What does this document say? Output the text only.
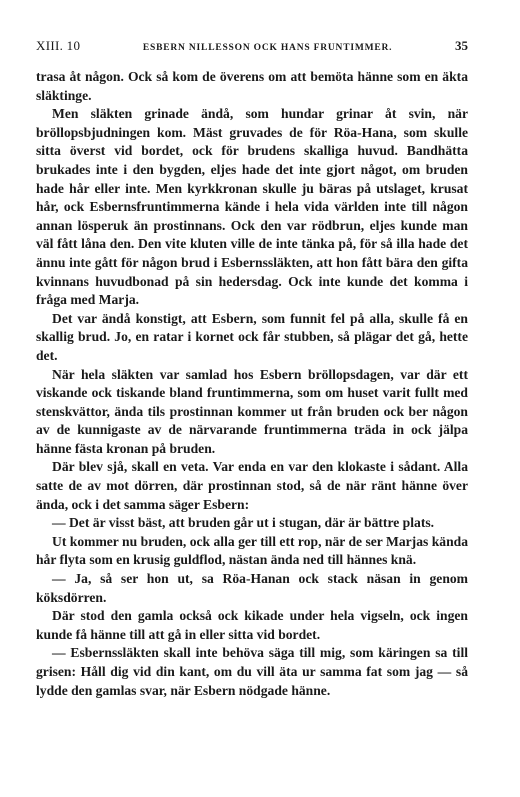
XIII. 10	ESBERN NILLESSON OCK HANS FRUNTIMMER.	35

trasa åt någon. Ock så kom de överens om att bemöta hänne som en äkta släktinge.

Men släkten grinade ändå, som hundar grinar åt svin, när bröllopsbjudningen kom. Mäst gruvades de för Röa-Hana, som skulle sitta överst vid bordet, ock för brudens skalliga huvud. Bandhätta brukades inte i den bygden, eljes hade det inte gjort något, om bruden hade hår eller inte. Men kyrkkronan skulle ju bäras på utslaget, krusat hår, ock Esbernsfruntimmerna kände i hela vida världen inte till någon annan lösperuk än prostinnans. Ock den var rödbrun, eljes kunde man väl fått låna den. Den vite kluten ville de inte tänka på, för så illa hade det ännu inte gått för någon brud i Esbernssläkten, att hon fått bära den gifta kvinnans huvudbonad på sin hedersdag. Ock inte kunde det komma i fråga med Marja.

Det var ändå konstigt, att Esbern, som funnit fel på alla, skulle få en skallig brud. Jo, en ratar i kornet ock får stubben, så plägar det gå, hette det.

När hela släkten var samlad hos Esbern bröllopsdagen, var där ett viskande ock tiskande bland fruntimmerna, som om huset varit fullt med stenskvättor, ända tils prostinnan kommer ut från bruden ock ber någon av de kunnigaste av de närvarande fruntimmerna träda in ock jälpa hänne fästa kronan på bruden.

Där blev sjå, skall en veta. Var enda en var den klokaste i sådant. Alla satte de av mot dörren, där prostinnan stod, så de när ränt hänne över ända, ock i det samma säger Esbern:

— Det är visst bäst, att bruden går ut i stugan, där är bättre plats.

Ut kommer nu bruden, ock alla ger till ett rop, när de ser Marjas kända hår flyta som en krusig guldflod, nästan ända ned till hännes knä.

— Ja, så ser hon ut, sa Röa-Hanan ock stack näsan in genom köksdörren.

Där stod den gamla också ock kikade under hela vigseln, ock ingen kunde få hänne till att gå in eller sitta vid bordet.

— Esbernssläkten skall inte behöva säga till mig, som käringen sa till grisen: Håll dig vid din kant, om du vill äta ur samma fat som jag — så lydde den gamlas svar, när Esbern nödgade hänne.
